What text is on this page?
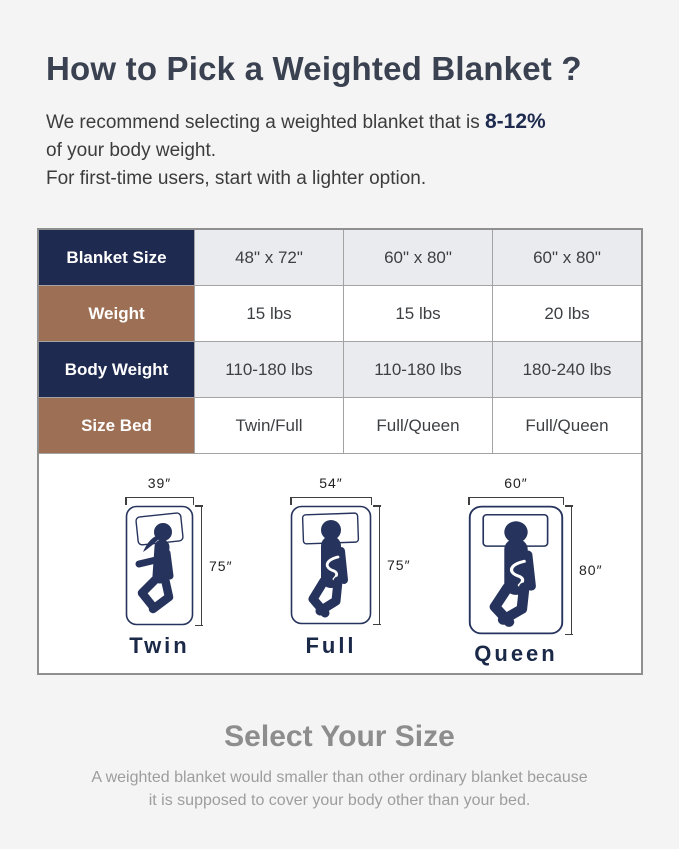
How to Pick a Weighted Blanket ?
We recommend selecting a weighted blanket that is 8-12%
of your body weight.
For first-time users, start with a lighter option.
Blanket Size	48" x 72"	60" x 80"	60" x 80"
Weight	15 lbs	15 lbs	20 lbs
Body Weight	110-180 lbs	110-180 lbs	180-240 lbs
Size Bed	Twin/Full	Full/Queen	Full/Queen
39″
75″
Twin
54″
75″
Full
60″
80″
Queen
Select Your Size
A weighted blanket would smaller than other ordinary blanket because
it is supposed to cover your body other than your bed.
